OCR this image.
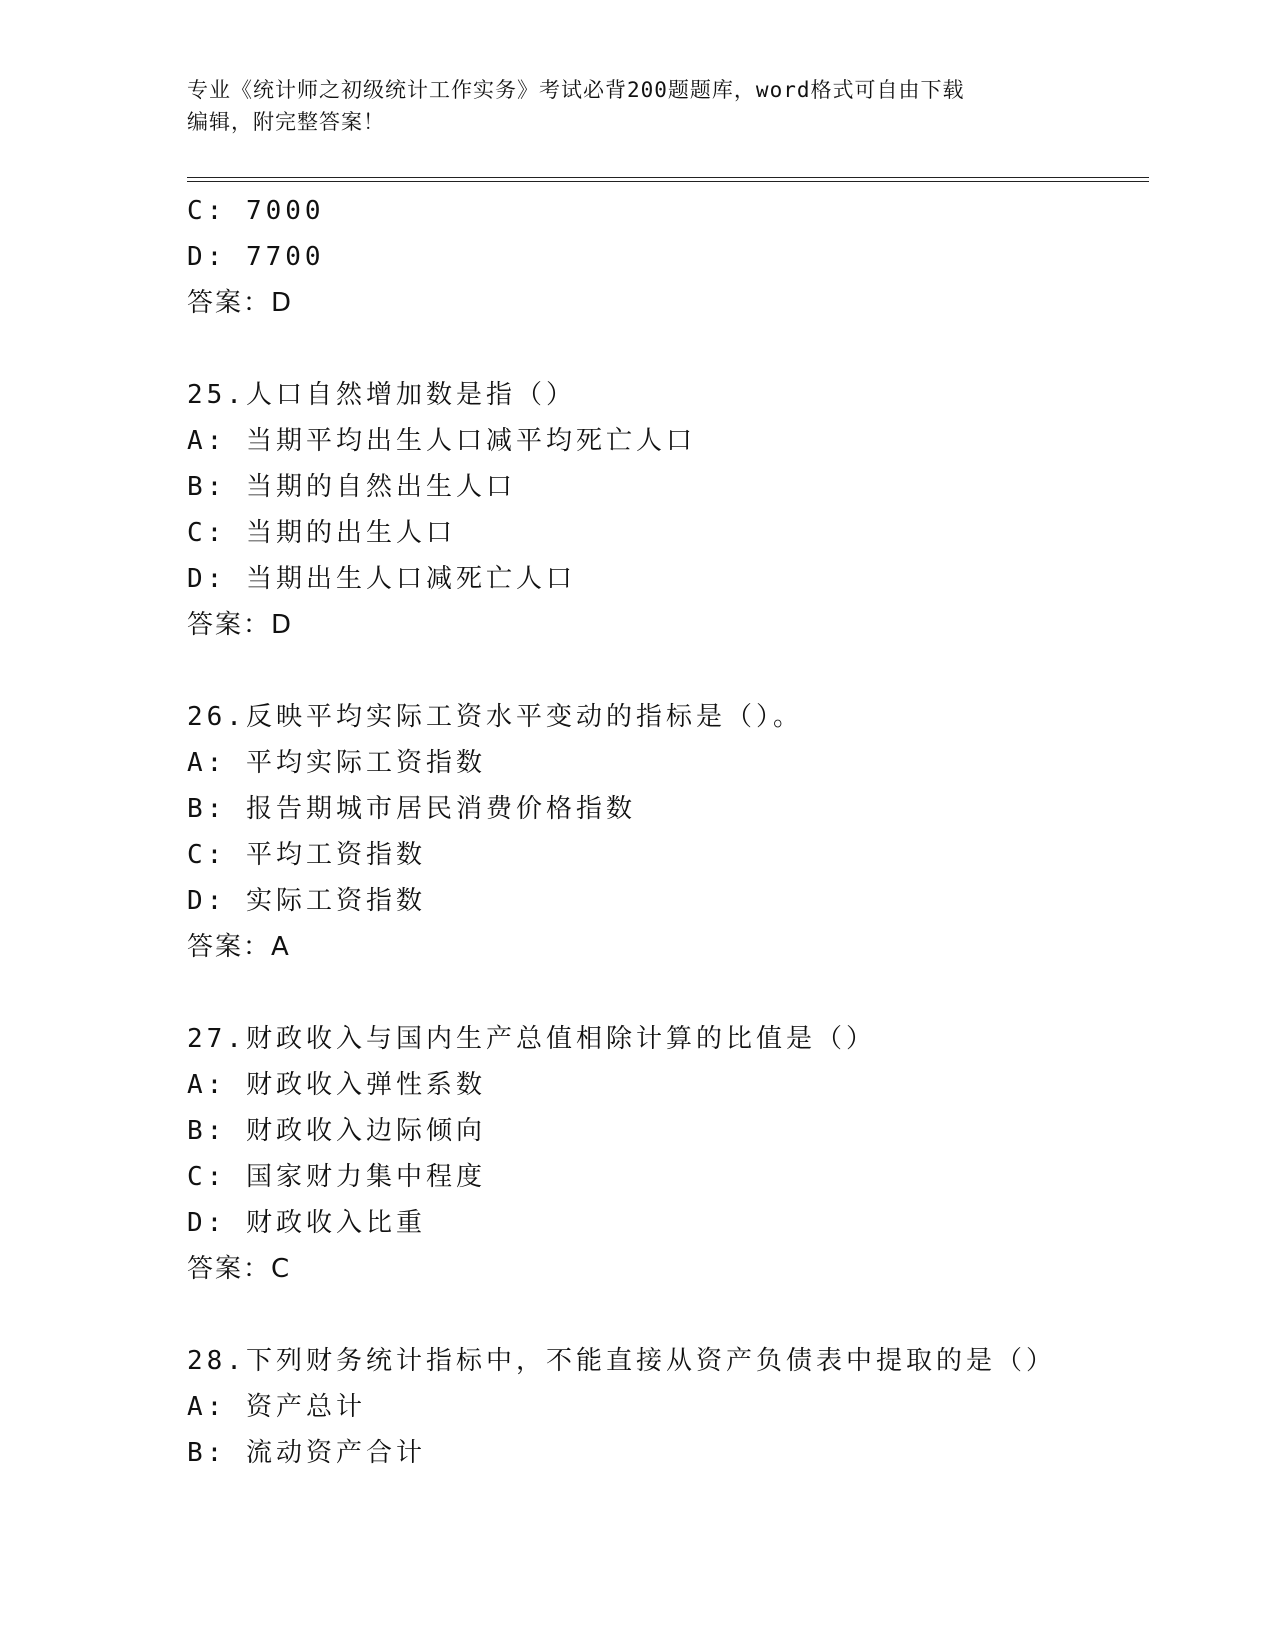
专业《统计师之初级统计工作实务》考试必背200题题库，word格式可自由下载
编辑，附完整答案！
C: 7000
D: 7700
答案：D
25.人口自然增加数是指（）
A: 当期平均出生人口减平均死亡人口
B: 当期的自然出生人口
C: 当期的出生人口
D: 当期出生人口减死亡人口
答案：D
26.反映平均实际工资水平变动的指标是（）。
A: 平均实际工资指数
B: 报告期城市居民消费价格指数
C: 平均工资指数
D: 实际工资指数
答案：A
27.财政收入与国内生产总值相除计算的比值是（）
A: 财政收入弹性系数
B: 财政收入边际倾向
C: 国家财力集中程度
D: 财政收入比重
答案：C
28.下列财务统计指标中，不能直接从资产负债表中提取的是（）
A: 资产总计
B: 流动资产合计
